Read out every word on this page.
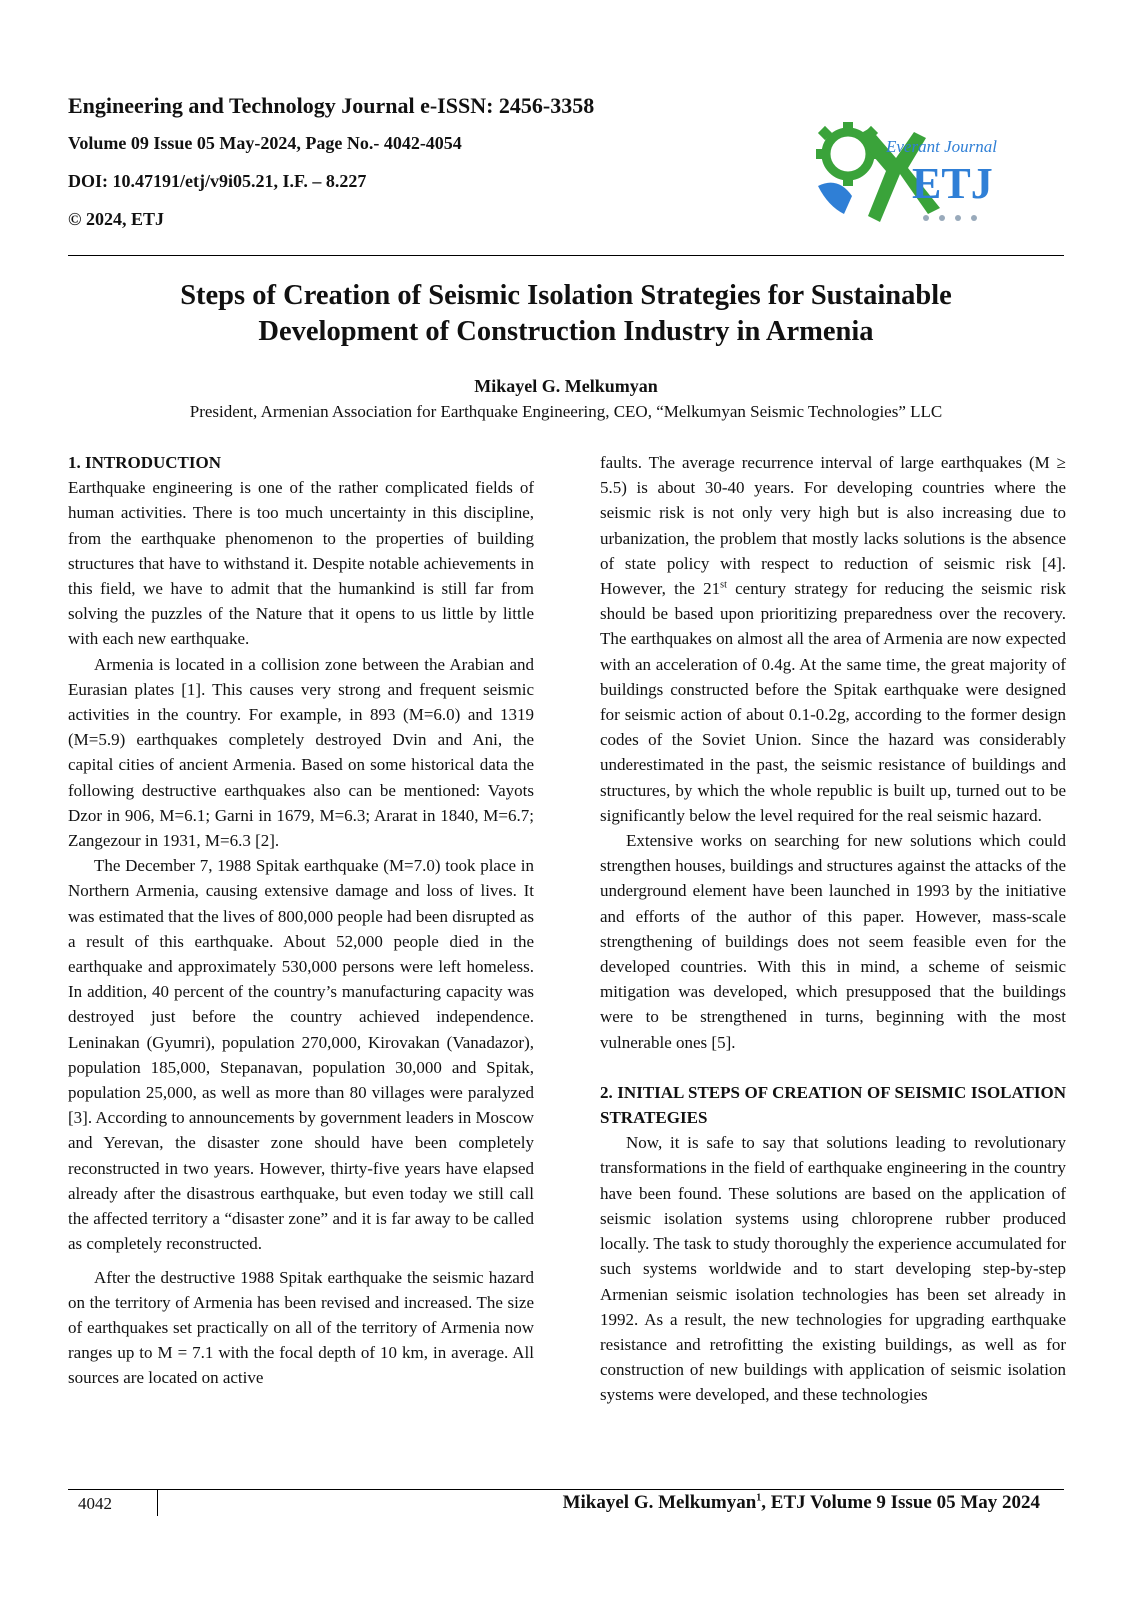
Engineering and Technology Journal e-ISSN: 2456-3358

Volume 09 Issue 05 May-2024, Page No.- 4042-4054

DOI: 10.47191/etj/v9i05.21, I.F. – 8.227

© 2024, ETJ

Everant Journal
ETJ
Steps of Creation of Seismic Isolation Strategies for Sustainable
Development of Construction Industry in Armenia
Mikayel G. Melkumyan
President, Armenian Association for Earthquake Engineering, CEO, “Melkumyan Seismic Technologies” LLC
1. INTRODUCTION

Earthquake engineering is one of the rather complicated fields of human activities. There is too much uncertainty in this discipline, from the earthquake phenomenon to the properties of building structures that have to withstand it. Despite notable achievements in this field, we have to admit that the humankind is still far from solving the puzzles of the Nature that it opens to us little by little with each new earthquake.

Armenia is located in a collision zone between the Arabian and Eurasian plates [1]. This causes very strong and frequent seismic activities in the country. For example, in 893 (M=6.0) and 1319 (M=5.9) earthquakes completely destroyed Dvin and Ani, the capital cities of ancient Armenia. Based on some historical data the following destructive earthquakes also can be mentioned: Vayots Dzor in 906, M=6.1; Garni in 1679, M=6.3; Ararat in 1840, M=6.7; Zangezour in 1931, M=6.3 [2].

The December 7, 1988 Spitak earthquake (M=7.0) took place in Northern Armenia, causing extensive damage and loss of lives. It was estimated that the lives of 800,000 people had been disrupted as a result of this earthquake. About 52,000 people died in the earthquake and approximately 530,000 persons were left homeless. In addition, 40 percent of the country’s manufacturing capacity was destroyed just before the country achieved independence. Leninakan (Gyumri), population 270,000, Kirovakan (Vanadazor), population 185,000, Stepanavan, population 30,000 and Spitak, population 25,000, as well as more than 80 villages were paralyzed [3]. According to announcements by government leaders in Moscow and Yerevan, the disaster zone should have been completely reconstructed in two years. However, thirty-five years have elapsed already after the disastrous earthquake, but even today we still call the affected territory a “disaster zone” and it is far away to be called as completely reconstructed.

After the destructive 1988 Spitak earthquake the seismic hazard on the territory of Armenia has been revised and increased. The size of earthquakes set practically on all of the territory of Armenia now ranges up to M = 7.1 with the focal depth of 10 km, in average. All sources are located on active

faults. The average recurrence interval of large earthquakes (M ≥ 5.5) is about 30-40 years. For developing countries where the seismic risk is not only very high but is also increasing due to urbanization, the problem that mostly lacks solutions is the absence of state policy with respect to reduction of seismic risk [4]. However, the 21st century strategy for reducing the seismic risk should be based upon prioritizing preparedness over the recovery. The earthquakes on almost all the area of Armenia are now expected with an acceleration of 0.4g. At the same time, the great majority of buildings constructed before the Spitak earthquake were designed for seismic action of about 0.1-0.2g, according to the former design codes of the Soviet Union. Since the hazard was considerably underestimated in the past, the seismic resistance of buildings and structures, by which the whole republic is built up, turned out to be significantly below the level required for the real seismic hazard.

Extensive works on searching for new solutions which could strengthen houses, buildings and structures against the attacks of the underground element have been launched in 1993 by the initiative and efforts of the author of this paper. However, mass-scale strengthening of buildings does not seem feasible even for the developed countries. With this in mind, a scheme of seismic mitigation was developed, which presupposed that the buildings were to be strengthened in turns, beginning with the most vulnerable ones [5].

2. INITIAL STEPS OF CREATION OF SEISMIC ISOLATION STRATEGIES

Now, it is safe to say that solutions leading to revolutionary transformations in the field of earthquake engineering in the country have been found. These solutions are based on the application of seismic isolation systems using chloroprene rubber produced locally. The task to study thoroughly the experience accumulated for such systems worldwide and to start developing step-by-step Armenian seismic isolation technologies has been set already in 1992. As a result, the new technologies for upgrading earthquake resistance and retrofitting the existing buildings, as well as for construction of new buildings with application of seismic isolation systems were developed, and these technologies

4042	Mikayel G. Melkumyan$^1$, ETJ Volume 9 Issue 05 May 2024
